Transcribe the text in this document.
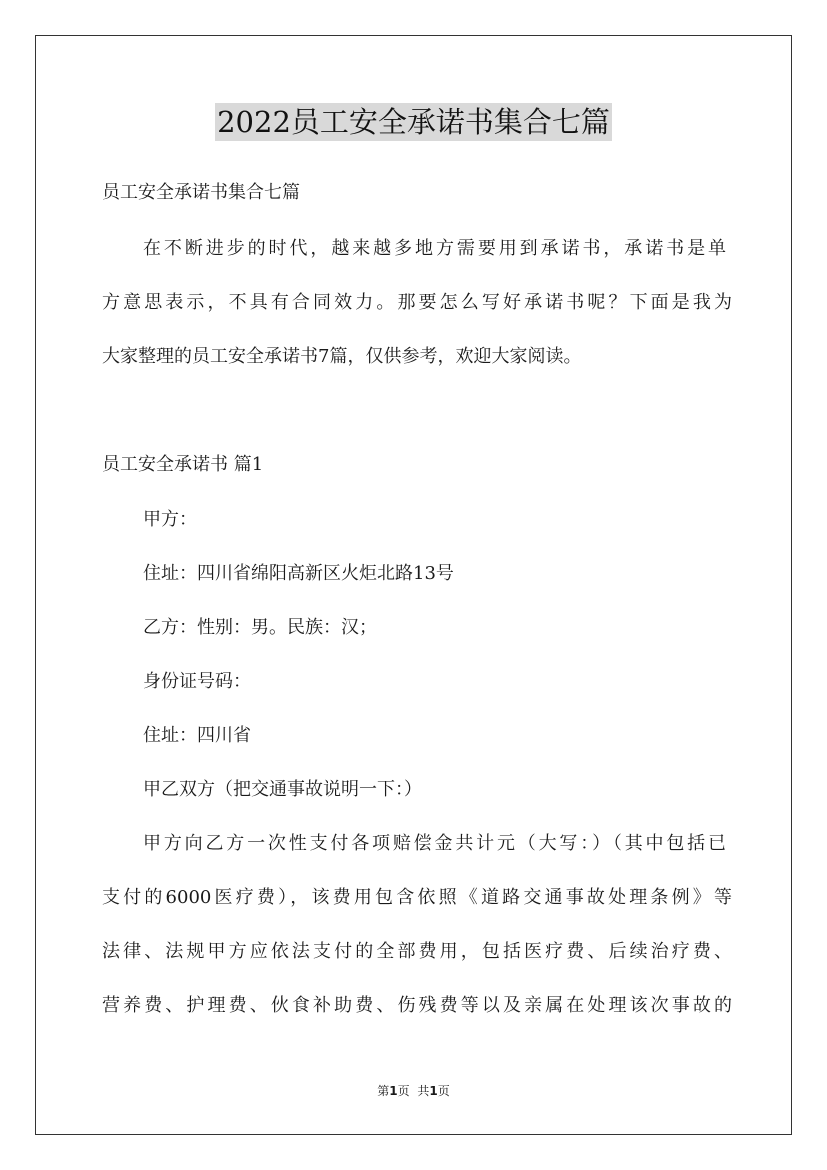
2022员工安全承诺书集合七篇
员工安全承诺书集合七篇
在不断进步的时代，越来越多地方需要用到承诺书，承诺书是单
方意思表示，不具有合同效力。那要怎么写好承诺书呢？下面是我为
大家整理的员工安全承诺书7篇，仅供参考，欢迎大家阅读。
员工安全承诺书 篇1
甲方：
住址：四川省绵阳高新区火炬北路13号
乙方：性别：男。民族：汉；
身份证号码：
住址：四川省
甲乙双方（把交通事故说明一下：）
甲方向乙方一次性支付各项赔偿金共计元（大写：）（其中包括已
支付的6000医疗费），该费用包含依照《道路交通事故处理条例》等
法律、法规甲方应依法支付的全部费用，包括医疗费、后续治疗费、
营养费、护理费、伙食补助费、伤残费等以及亲属在处理该次事故的
第1页 共1页
